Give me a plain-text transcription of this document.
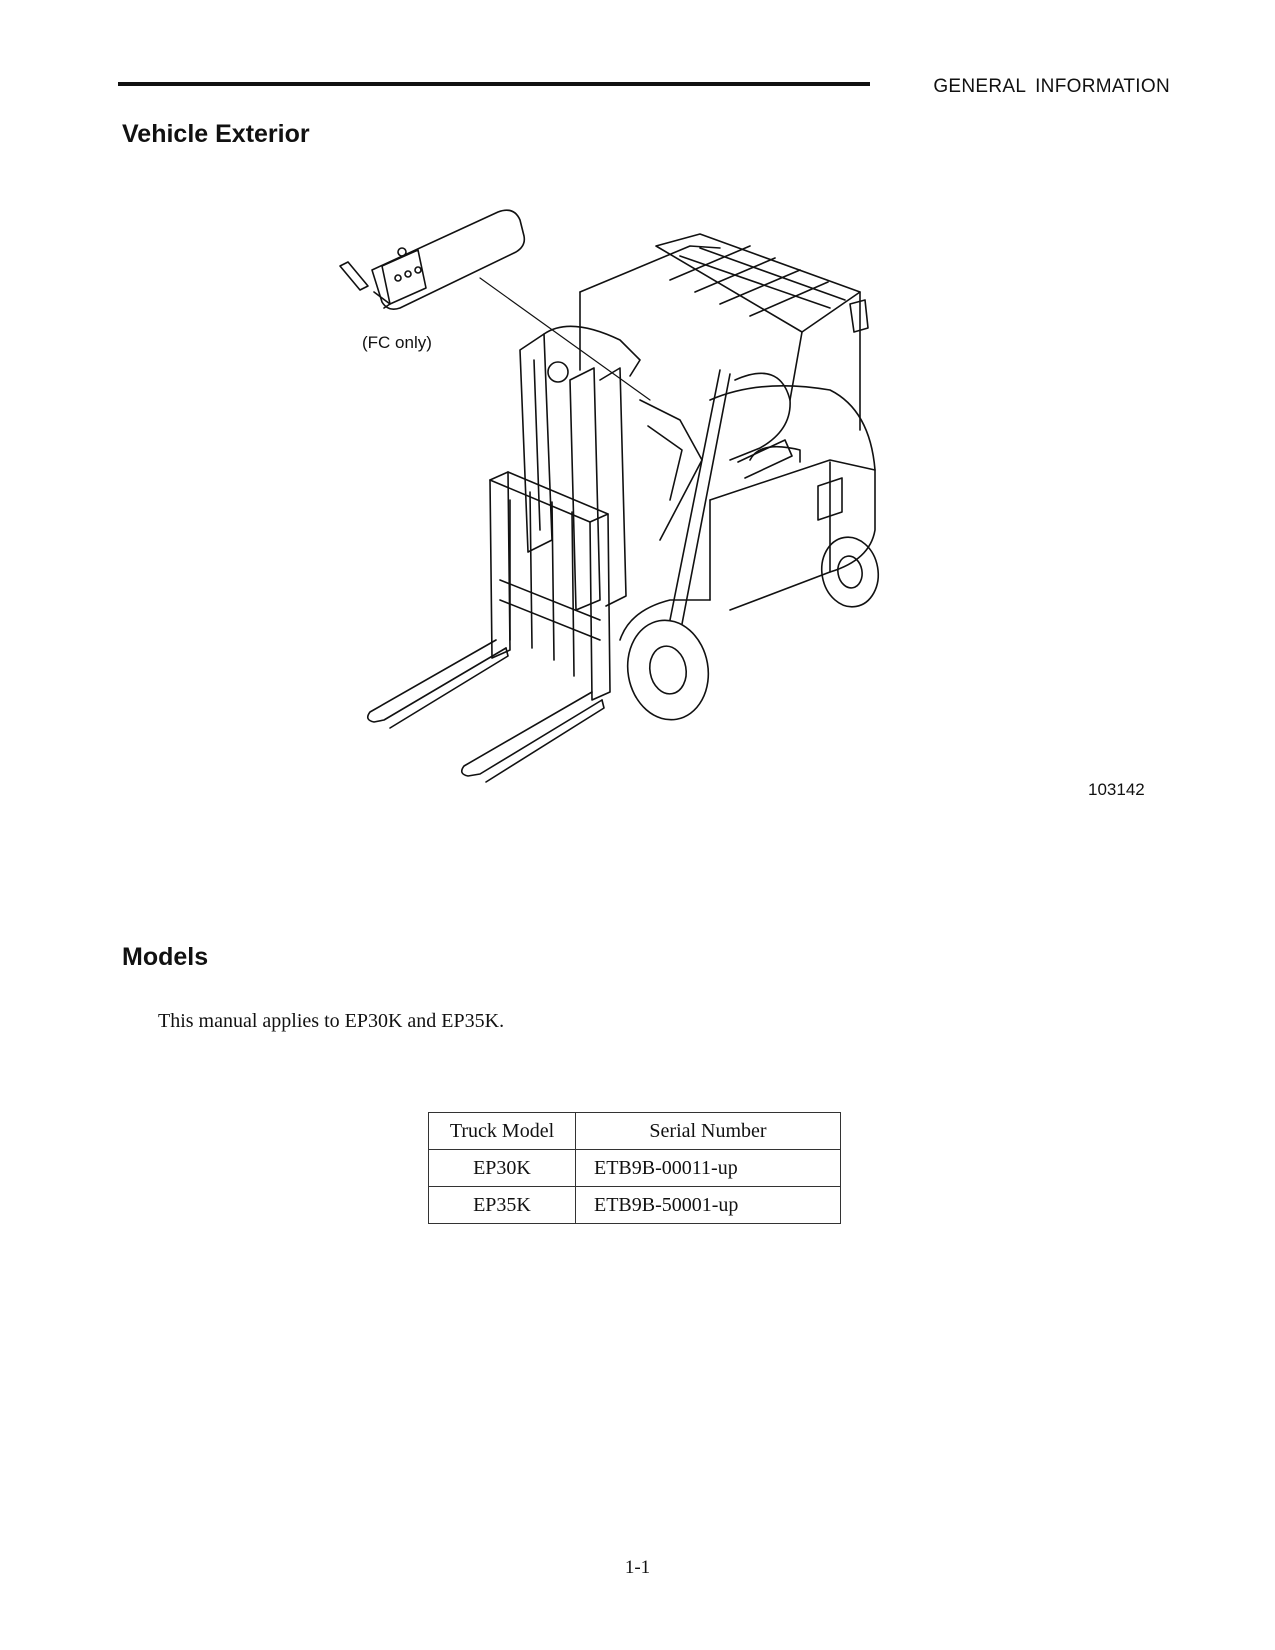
GENERAL INFORMATION
Vehicle Exterior
(FC only)
103142
Models
This manual applies to EP30K and EP35K.
Truck Model	Serial Number
EP30K	ETB9B-00011-up
EP35K	ETB9B-50001-up
1-1
